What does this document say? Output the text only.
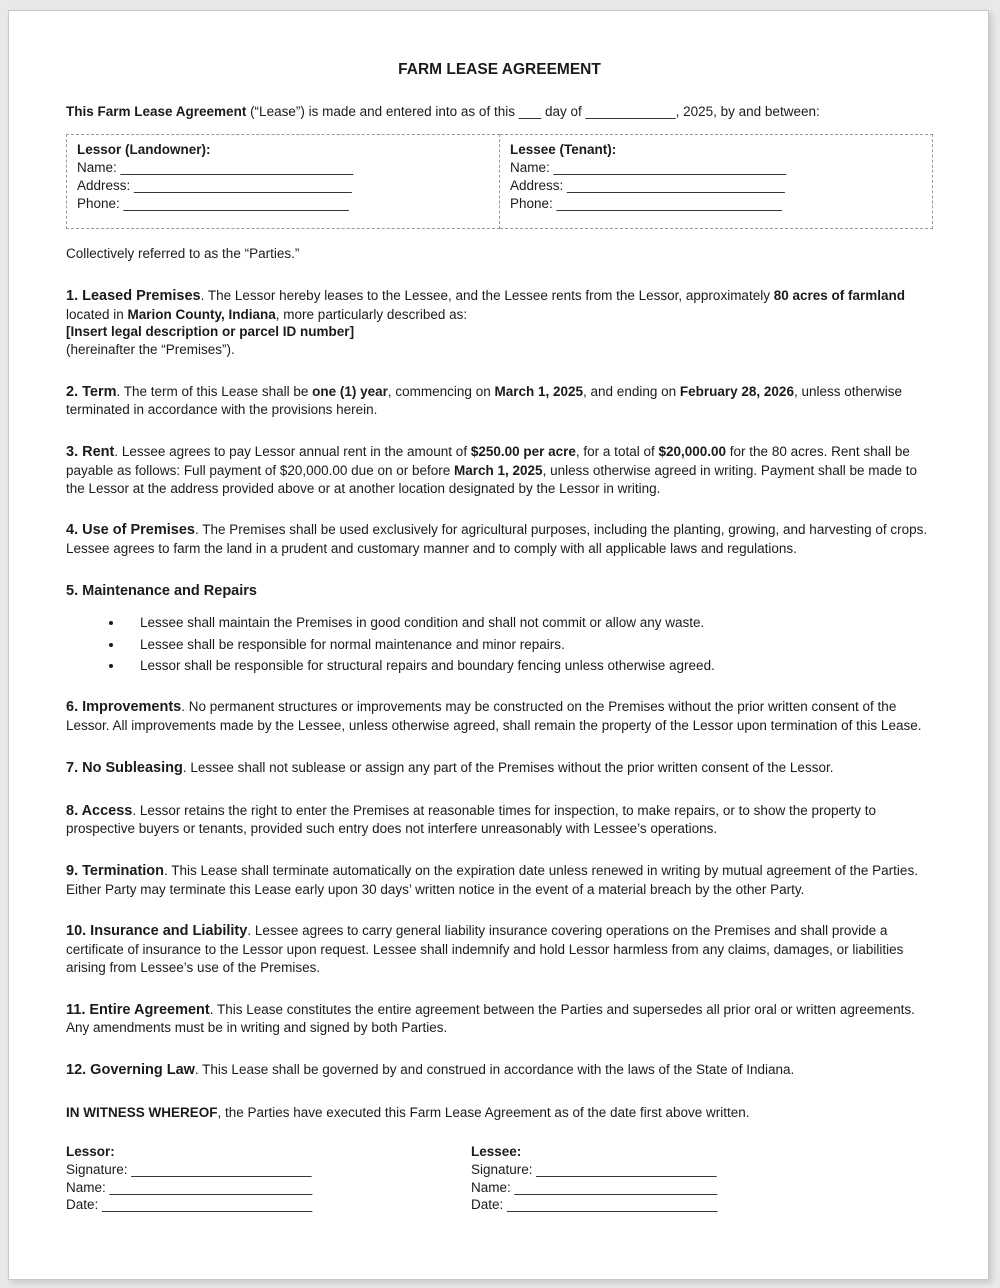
FARM LEASE AGREEMENT

This Farm Lease Agreement (“Lease”) is made and entered into as of this ___ day of ____________, 2025, by and between:

Lessor (Landowner):
Name: _______________________________
Address: _____________________________
Phone: ______________________________

Lessee (Tenant):
Name: _______________________________
Address: _____________________________
Phone: ______________________________

Collectively referred to as the “Parties.”

1. Leased Premises. The Lessor hereby leases to the Lessee, and the Lessee rents from the Lessor, approximately 80 acres of farmland located in Marion County, Indiana, more particularly described as:
[Insert legal description or parcel ID number]
(hereinafter the “Premises”).

2. Term. The term of this Lease shall be one (1) year, commencing on March 1, 2025, and ending on February 28, 2026, unless otherwise terminated in accordance with the provisions herein.

3. Rent. Lessee agrees to pay Lessor annual rent in the amount of $250.00 per acre, for a total of $20,000.00 for the 80 acres. Rent shall be payable as follows: Full payment of $20,000.00 due on or before March 1, 2025, unless otherwise agreed in writing. Payment shall be made to the Lessor at the address provided above or at another location designated by the Lessor in writing.

4. Use of Premises. The Premises shall be used exclusively for agricultural purposes, including the planting, growing, and harvesting of crops. Lessee agrees to farm the land in a prudent and customary manner and to comply with all applicable laws and regulations.

5. Maintenance and Repairs

• Lessee shall maintain the Premises in good condition and shall not commit or allow any waste.
• Lessee shall be responsible for normal maintenance and minor repairs.
• Lessor shall be responsible for structural repairs and boundary fencing unless otherwise agreed.

6. Improvements. No permanent structures or improvements may be constructed on the Premises without the prior written consent of the Lessor. All improvements made by the Lessee, unless otherwise agreed, shall remain the property of the Lessor upon termination of this Lease.

7. No Subleasing. Lessee shall not sublease or assign any part of the Premises without the prior written consent of the Lessor.

8. Access. Lessor retains the right to enter the Premises at reasonable times for inspection, to make repairs, or to show the property to prospective buyers or tenants, provided such entry does not interfere unreasonably with Lessee’s operations.

9. Termination. This Lease shall terminate automatically on the expiration date unless renewed in writing by mutual agreement of the Parties. Either Party may terminate this Lease early upon 30 days’ written notice in the event of a material breach by the other Party.

10. Insurance and Liability. Lessee agrees to carry general liability insurance covering operations on the Premises and shall provide a certificate of insurance to the Lessor upon request. Lessee shall indemnify and hold Lessor harmless from any claims, damages, or liabilities arising from Lessee’s use of the Premises.

11. Entire Agreement. This Lease constitutes the entire agreement between the Parties and supersedes all prior oral or written agreements. Any amendments must be in writing and signed by both Parties.

12. Governing Law. This Lease shall be governed by and construed in accordance with the laws of the State of Indiana.

IN WITNESS WHEREOF, the Parties have executed this Farm Lease Agreement as of the date first above written.

Lessor:
Signature: ________________________
Name: ___________________________
Date: ____________________________
Lessee:
Signature: ________________________
Name: ___________________________
Date: ____________________________
